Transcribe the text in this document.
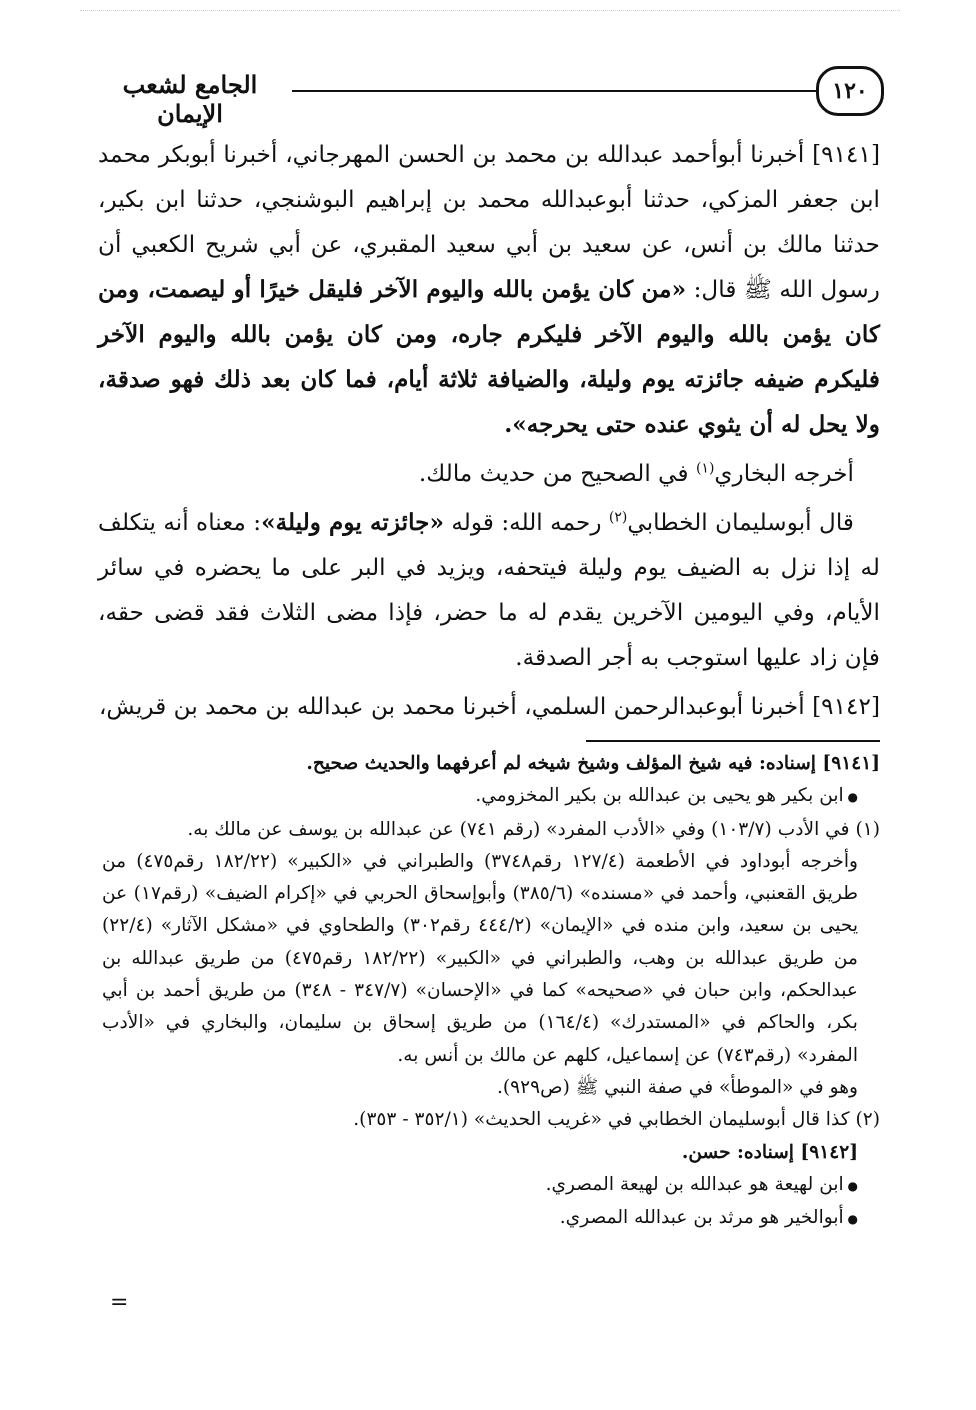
١٢٠
الجامع لشعب الإيمان

[٩١٤١] أخبرنا أبوأحمد عبدالله بن محمد بن الحسن المهرجاني، أخبرنا أبوبكر محمد ابن جعفر المزكي، حدثنا أبوعبدالله محمد بن إبراهيم البوشنجي، حدثنا ابن بكير، حدثنا مالك بن أنس، عن سعيد بن أبي سعيد المقبري، عن أبي شريح الكعبي أن رسول الله ﷺ قال: «من كان يؤمن بالله واليوم الآخر فليقل خيرًا أو ليصمت، ومن كان يؤمن بالله واليوم الآخر فليكرم جاره، ومن كان يؤمن بالله واليوم الآخر فليكرم ضيفه جائزته يوم وليلة، والضيافة ثلاثة أيام، فما كان بعد ذلك فهو صدقة، ولا يحل له أن يثوي عنده حتى يحرجه».

أخرجه البخاري$^{(١)}$ في الصحيح من حديث مالك.

قال أبوسليمان الخطابي$^{(٢)}$ رحمه الله: قوله «جائزته يوم وليلة»: معناه أنه يتكلف له إذا نزل به الضيف يوم وليلة فيتحفه، ويزيد في البر على ما يحضره في سائر الأيام، وفي اليومين الآخرين يقدم له ما حضر، فإذا مضى الثلاث فقد قضى حقه، فإن زاد عليها استوجب به أجر الصدقة.

[٩١٤٢] أخبرنا أبوعبدالرحمن السلمي، أخبرنا محمد بن عبدالله بن محمد بن قريش،

[٩١٤١] إسناده: فيه شيخ المؤلف وشيخ شيخه لم أعرفهما والحديث صحيح.

● ابن بكير هو يحيى بن عبدالله بن بكير المخزومي.

(١) في الأدب (١٠٣/٧) وفي «الأدب المفرد» (رقم ٧٤١) عن عبدالله بن يوسف عن مالك به.

وأخرجه أبوداود في الأطعمة (١٢٧/٤ رقم٣٧٤٨) والطبراني في «الكبير» (١٨٢/٢٢ رقم٤٧٥) من طريق القعنبي، وأحمد في «مسنده» (٣٨٥/٦) وأبوإسحاق الحربي في «إكرام الضيف» (رقم١٧) عن يحيى بن سعيد، وابن منده في «الإيمان» (٤٤٤/٢ رقم٣٠٢) والطحاوي في «مشكل الآثار» (٢٢/٤) من طريق عبدالله بن وهب، والطبراني في «الكبير» (١٨٢/٢٢ رقم٤٧٥) من طريق عبدالله بن عبدالحكم، وابن حبان في «صحيحه» كما في «الإحسان» (٣٤٧/٧ - ٣٤٨) من طريق أحمد بن أبي بكر، والحاكم في «المستدرك» (١٦٤/٤) من طريق إسحاق بن سليمان، والبخاري في «الأدب المفرد» (رقم٧٤٣) عن إسماعيل، كلهم عن مالك بن أنس به.

وهو في «الموطأ» في صفة النبي ﷺ (ص٩٢٩).

(٢) كذا قال أبوسليمان الخطابي في «غريب الحديث» (٣٥٢/١ - ٣٥٣).

[٩١٤٢] إسناده: حسن.

● ابن لهيعة هو عبدالله بن لهيعة المصري.

● أبوالخير هو مرثد بن عبدالله المصري.

=
